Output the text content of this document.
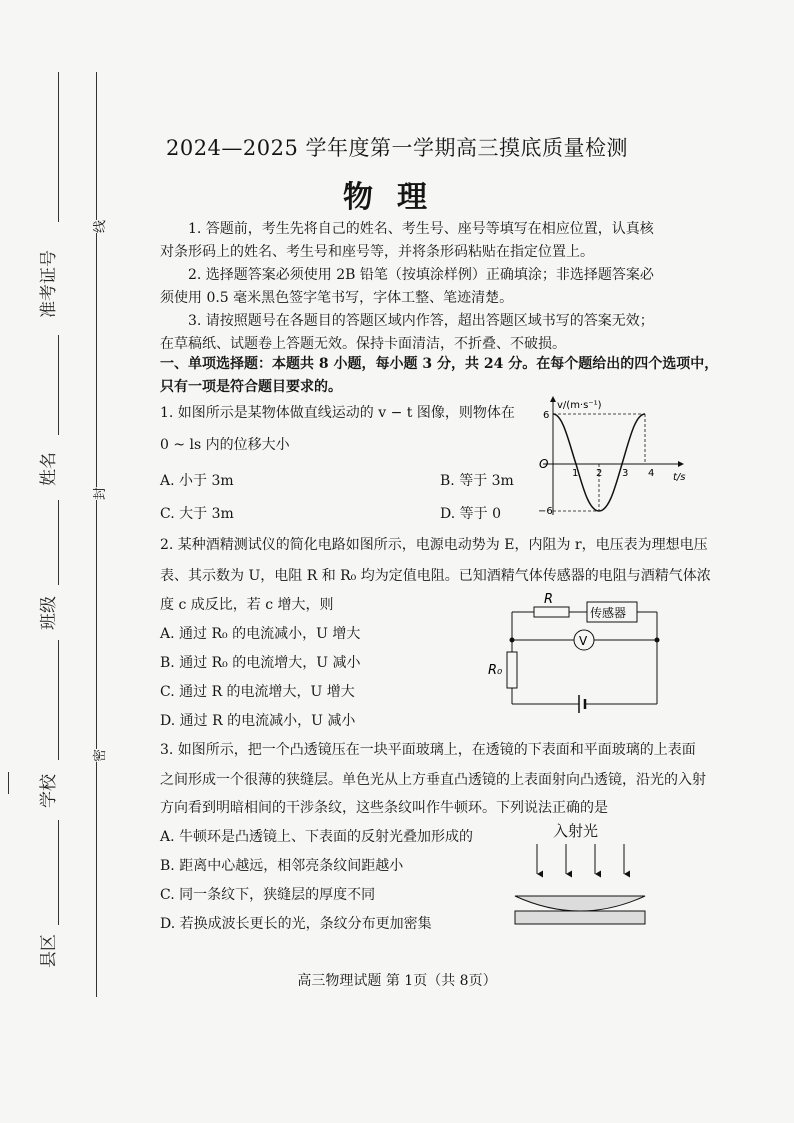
准考证号
姓名
班级
学校
县区
线
封
密
2024—2025 学年度第一学期高三摸底质量检测
物理
1. 答题前，考生先将自己的姓名、考生号、座号等填写在相应位置，认真核对条形码上的姓名、考生号和座号等，并将条形码粘贴在指定位置上。
2. 选择题答案必须使用 2B 铅笔（按填涂样例）正确填涂；非选择题答案必须使用 0.5 毫米黑色签字笔书写，字体工整、笔迹清楚。
3. 请按照题号在各题目的答题区域内作答，超出答题区域书写的答案无效；在草稿纸、试题卷上答题无效。保持卡面清洁，不折叠、不破损。
一、单项选择题：本题共 8 小题，每小题 3 分，共 24 分。在每个题给出的四个选项中，
只有一项是符合题目要求的。
1. 如图所示是某物体做直线运动的 v − t 图像，则物体在
0 ~ ls 内的位移大小
A. 小于 3m	B. 等于 3m
C. 大于 3m	D. 等于 0
v/(m·s⁻¹)
t/s
O
6
−6
1 2 3 4
2. 某种酒精测试仪的简化电路如图所示，电源电动势为 E，内阻为 r，电压表为理想电压
表、其示数为 U，电阻 R 和 R₀ 均为定值电阻。已知酒精气体传感器的电阻与酒精气体浓
度 c 成反比，若 c 增大，则
A. 通过 R₀ 的电流减小，U 增大
B. 通过 R₀ 的电流增大，U 减小
C. 通过 R 的电流增大，U 增大
D. 通过 R 的电流减小，U 减小
R
传感器
V
R₀
3. 如图所示，把一个凸透镜压在一块平面玻璃上，在透镜的下表面和平面玻璃的上表面
之间形成一个很薄的狭缝层。单色光从上方垂直凸透镜的上表面射向凸透镜，沿光的入射
方向看到明暗相间的干涉条纹，这些条纹叫作牛顿环。下列说法正确的是
A. 牛顿环是凸透镜上、下表面的反射光叠加形成的
B. 距离中心越远，相邻亮条纹间距越小
C. 同一条纹下，狭缝层的厚度不同
D. 若换成波长更长的光，条纹分布更加密集
入射光
高三物理试题 第 1页（共 8页）
